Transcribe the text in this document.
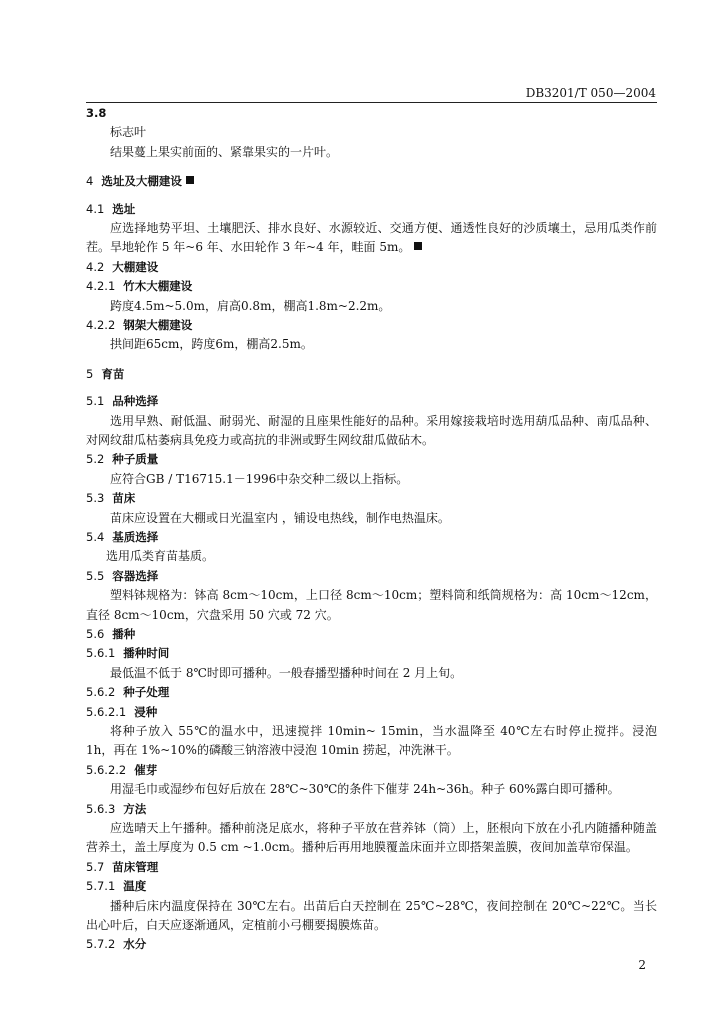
DB3201/T 050—2004
3.8
标志叶
结果蔓上果实前面的、紧靠果实的一片叶。
4 选址及大棚建设
4.1 选址
应选择地势平坦、土壤肥沃、排水良好、水源较近、交通方便、通透性良好的沙质壤土，忌用瓜类作前茬。旱地轮作 5 年~6 年、水田轮作 3 年~4 年，畦面 5m。
4.2 大棚建设
4.2.1 竹木大棚建设
跨度4.5m~5.0m，肩高0.8m，棚高1.8m~2.2m。
4.2.2 钢架大棚建设
拱间距65cm，跨度6m，棚高2.5m。
5 育苗
5.1 品种选择
选用早熟、耐低温、耐弱光、耐湿的且座果性能好的品种。采用嫁接栽培时选用葫瓜品种、南瓜品种、对网纹甜瓜枯萎病具免疫力或高抗的非洲或野生网纹甜瓜做砧木。
5.2 种子质量
应符合GB / T16715.1－1996中杂交种二级以上指标。
5.3 苗床
苗床应设置在大棚或日光温室内 ，铺设电热线，制作电热温床。
5.4 基质选择
选用瓜类育苗基质。
5.5 容器选择
塑料钵规格为：钵高 8cm～10cm，上口径 8cm～10cm；塑料筒和纸筒规格为：高 10cm～12cm，直径 8cm～10cm，穴盘采用 50 穴或 72 穴。
5.6 播种
5.6.1 播种时间
最低温不低于 8℃时即可播种。一般春播型播种时间在 2 月上旬。
5.6.2 种子处理
5.6.2.1 浸种
将种子放入 55℃的温水中，迅速搅拌 10min~ 15min，当水温降至 40℃左右时停止搅拌。浸泡 1h，再在 1%~10%的磷酸三钠溶液中浸泡 10min 捞起，冲洗淋干。
5.6.2.2 催芽
用湿毛巾或湿纱布包好后放在 28℃~30℃的条件下催芽 24h~36h。种子 60%露白即可播种。
5.6.3 方法
应选晴天上午播种。播种前浇足底水，将种子平放在营养钵（筒）上，胚根向下放在小孔内随播种随盖营养土，盖土厚度为 0.5 cm ~1.0cm。播种后再用地膜覆盖床面并立即搭架盖膜，夜间加盖草帘保温。
5.7 苗床管理
5.7.1 温度
播种后床内温度保持在 30℃左右。出苗后白天控制在 25℃~28℃，夜间控制在 20℃~22℃。当长出心叶后，白天应逐渐通风，定植前小弓棚要揭膜炼苗。
5.7.2 水分
2
